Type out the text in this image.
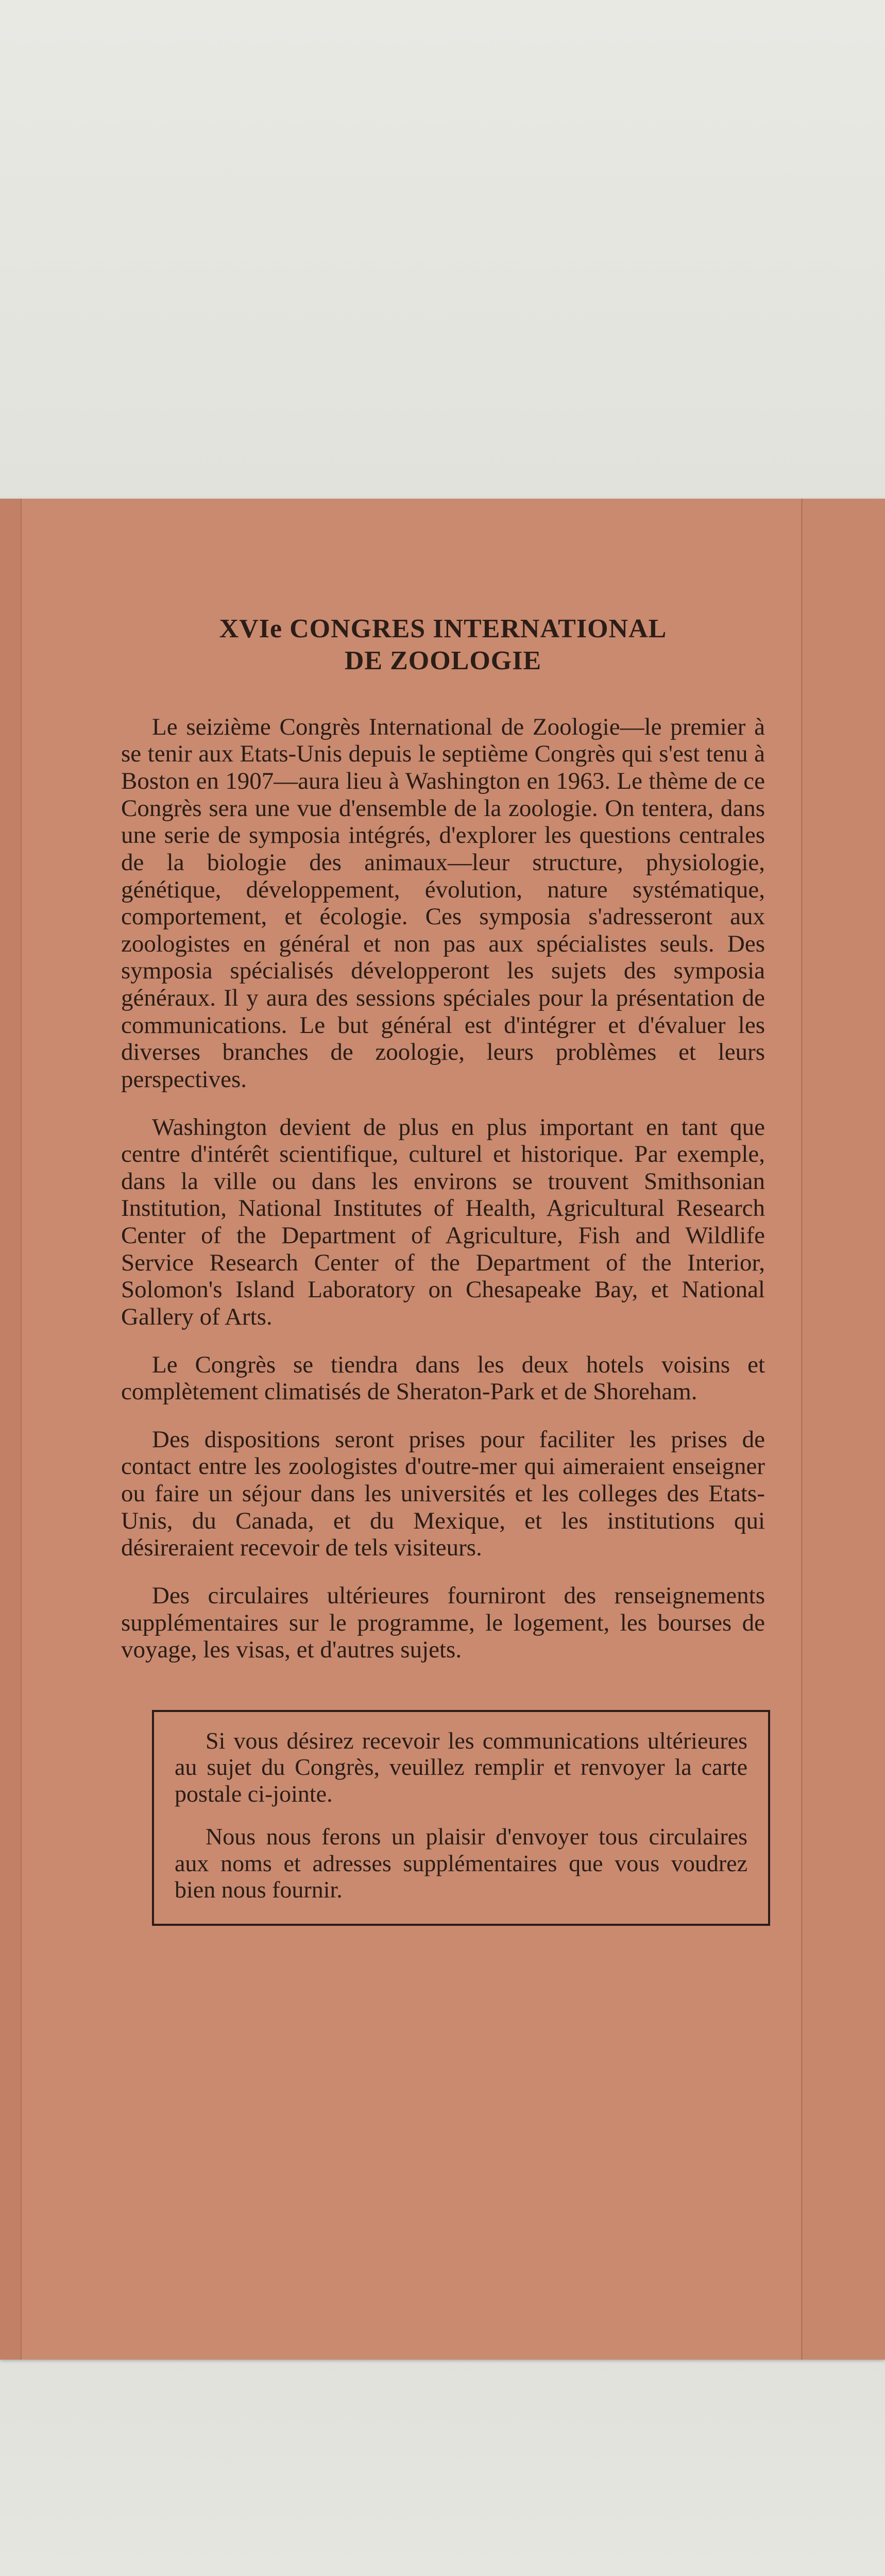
XVIe CONGRES INTERNATIONAL
DE ZOOLOGIE

Le seizième Congrès International de Zoologie—le premier à se tenir aux Etats-Unis depuis le septième Congrès qui s'est tenu à Boston en 1907—aura lieu à Washington en 1963. Le thème de ce Congrès sera une vue d'ensemble de la zoologie. On tentera, dans une serie de symposia intégrés, d'explorer les questions centrales de la biologie des animaux—leur structure, physiologie, génétique, développement, évolution, nature systématique, comportement, et écologie. Ces symposia s'adresseront aux zoologistes en général et non pas aux spécialistes seuls. Des symposia spécialisés développeront les sujets des symposia généraux. Il y aura des sessions spéciales pour la présentation de communications. Le but général est d'intégrer et d'évaluer les diverses branches de zoologie, leurs problèmes et leurs perspectives.

Washington devient de plus en plus important en tant que centre d'intérêt scientifique, culturel et historique. Par exemple, dans la ville ou dans les environs se trouvent Smithsonian Institution, National Institutes of Health, Agricultural Research Center of the Department of Agriculture, Fish and Wildlife Service Research Center of the Department of the Interior, Solomon's Island Laboratory on Chesapeake Bay, et National Gallery of Arts.

Le Congrès se tiendra dans les deux hotels voisins et complètement climatisés de Sheraton-Park et de Shoreham.

Des dispositions seront prises pour faciliter les prises de contact entre les zoologistes d'outre-mer qui aimeraient enseigner ou faire un séjour dans les universités et les colleges des Etats-Unis, du Canada, et du Mexique, et les institutions qui désireraient recevoir de tels visiteurs.

Des circulaires ultérieures fourniront des renseignements supplémentaires sur le programme, le logement, les bourses de voyage, les visas, et d'autres sujets.

Si vous désirez recevoir les communications ultérieures au sujet du Congrès, veuillez remplir et renvoyer la carte postale ci-jointe.

Nous nous ferons un plaisir d'envoyer tous circulaires aux noms et adresses supplémentaires que vous voudrez bien nous fournir.
